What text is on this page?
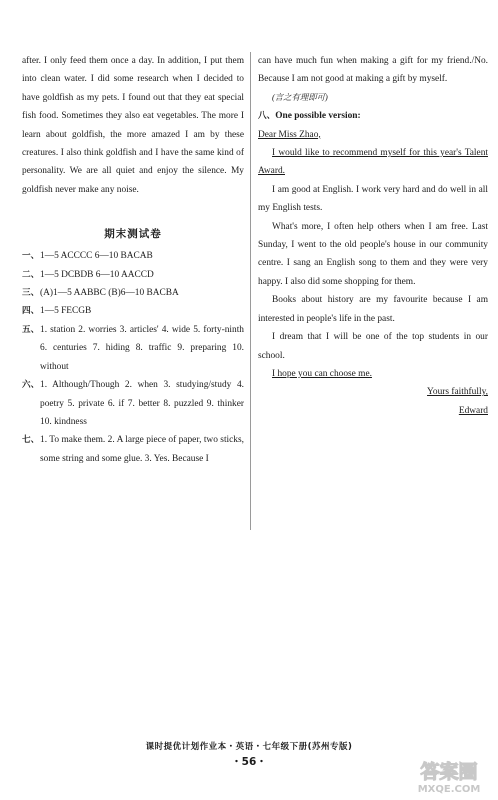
after. I only feed them once a day. In addition, I put them into clean water. I did some research when I decided to have goldfish as my pets. I found out that they eat special fish food. Sometimes they also eat vegetables. The more I learn about goldfish, the more amazed I am by these creatures. I also think goldfish and I have the same kind of personality. We are all quiet and enjoy the silence. My goldfish never make any noise.

期末测试卷
一、 1—5 ACCCC 6—10 BACAB
二、 1—5 DCBDB 6—10 AACCD
三、 (A)1—5 AABBC (B)6—10 BACBA
四、 1—5 FECGB
五、 1. station 2. worries 3. articles' 4. wide 5. forty-ninth 6. centuries 7. hiding 8. traffic 9. preparing 10. without
六、 1. Although/Though 2. when 3. studying/study 4. poetry 5. private 6. if 7. better 8. puzzled 9. thinker 10. kindness
七、 1. To make them. 2. A large piece of paper, two sticks, some string and some glue. 3. Yes. Because I

can have much fun when making a gift for my friend./No. Because I am not good at making a gift by myself.

(言之有理即可)

八、One possible version:

Dear Miss Zhao,

I would like to recommend myself for this year's Talent Award.

I am good at English. I work very hard and do well in all my English tests.

What's more, I often help others when I am free. Last Sunday, I went to the old people's house in our community centre. I sang an English song to them and they were very happy. I also did some shopping for them.

Books about history are my favourite because I am interested in people's life in the past.

I dream that I will be one of the top students in our school.

I hope you can choose me.

Yours faithfully,

Edward

课时提优计划作业本・英语・七年级下册(苏州专版)
・56・	答案圈
MXQE.COM
